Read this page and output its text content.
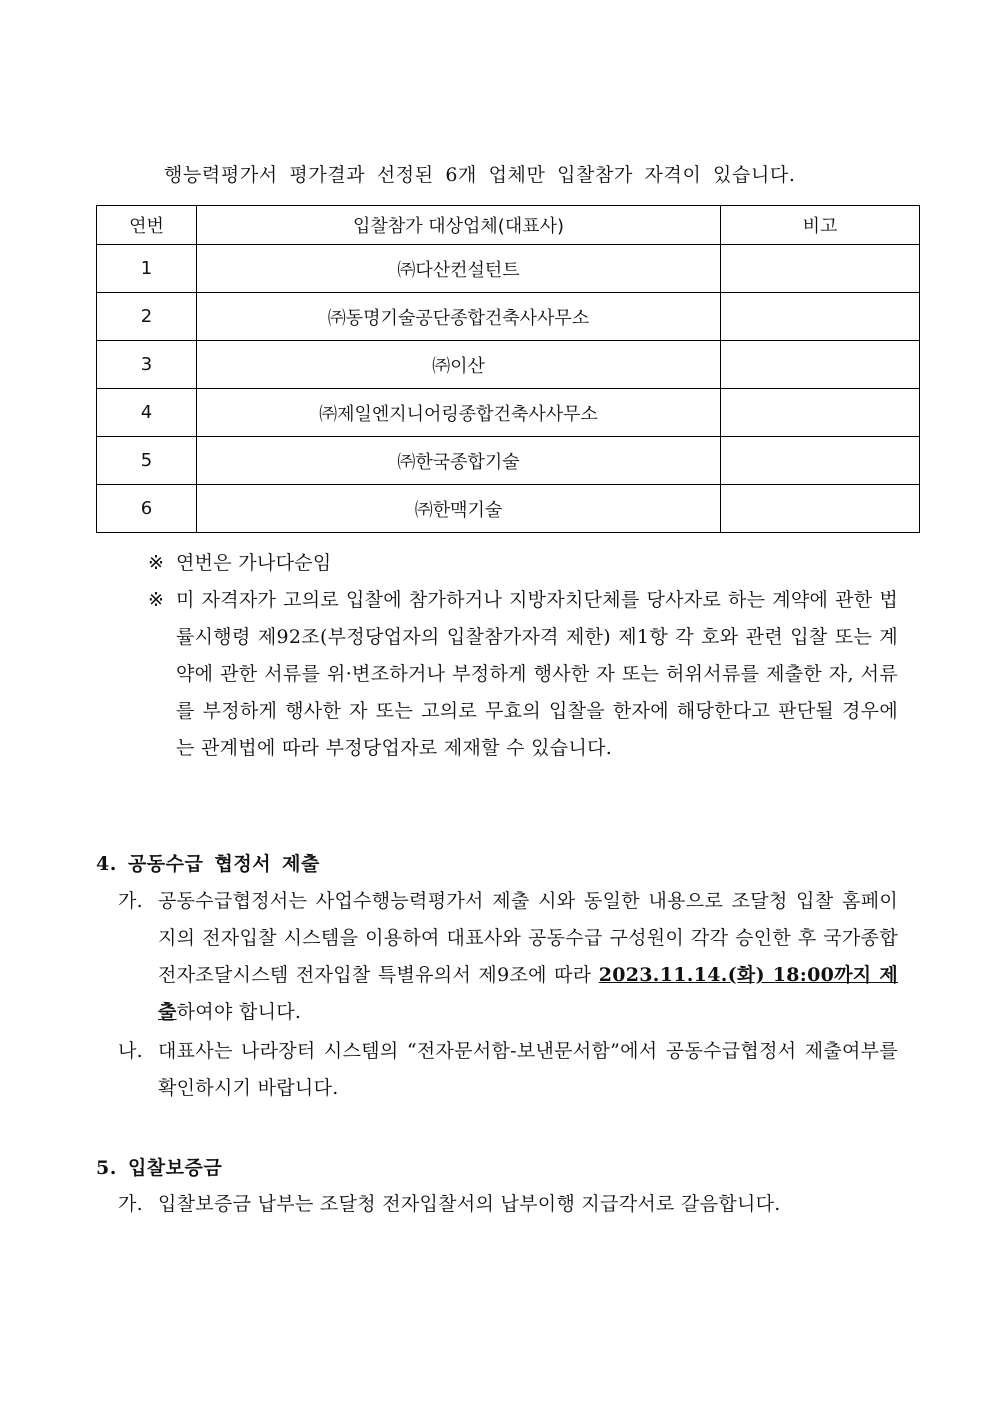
행능력평가서 평가결과 선정된 6개 업체만 입찰참가 자격이 있습니다.
연번	입찰참가 대상업체(대표사)	비고
1	㈜다산컨설턴트	
2	㈜동명기술공단종합건축사사무소	
3	㈜이산	
4	㈜제일엔지니어링종합건축사사무소	
5	㈜한국종합기술	
6	㈜한맥기술	
※ 연번은 가나다순임
※ 미 자격자가 고의로 입찰에 참가하거나 지방자치단체를 당사자로 하는 계약에 관한 법률시행령 제92조(부정당업자의 입찰참가자격 제한) 제1항 각 호와 관련 입찰 또는 계약에 관한 서류를 위·변조하거나 부정하게 행사한 자 또는 허위서류를 제출한 자, 서류를 부정하게 행사한 자 또는 고의로 무효의 입찰을 한자에 해당한다고 판단될 경우에는 관계법에 따라 부정당업자로 제재할 수 있습니다.
4. 공동수급 협정서 제출
가. 공동수급협정서는 사업수행능력평가서 제출 시와 동일한 내용으로 조달청 입찰 홈페이지의 전자입찰 시스템을 이용하여 대표사와 공동수급 구성원이 각각 승인한 후 국가종합전자조달시스템 전자입찰 특별유의서 제9조에 따라 2023.11.14.(화) 18:00까지 제출하여야 합니다.
나. 대표사는 나라장터 시스템의 “전자문서함-보낸문서함”에서 공동수급협정서 제출여부를 확인하시기 바랍니다.
5. 입찰보증금
가. 입찰보증금 납부는 조달청 전자입찰서의 납부이행 지급각서로 갈음합니다.
